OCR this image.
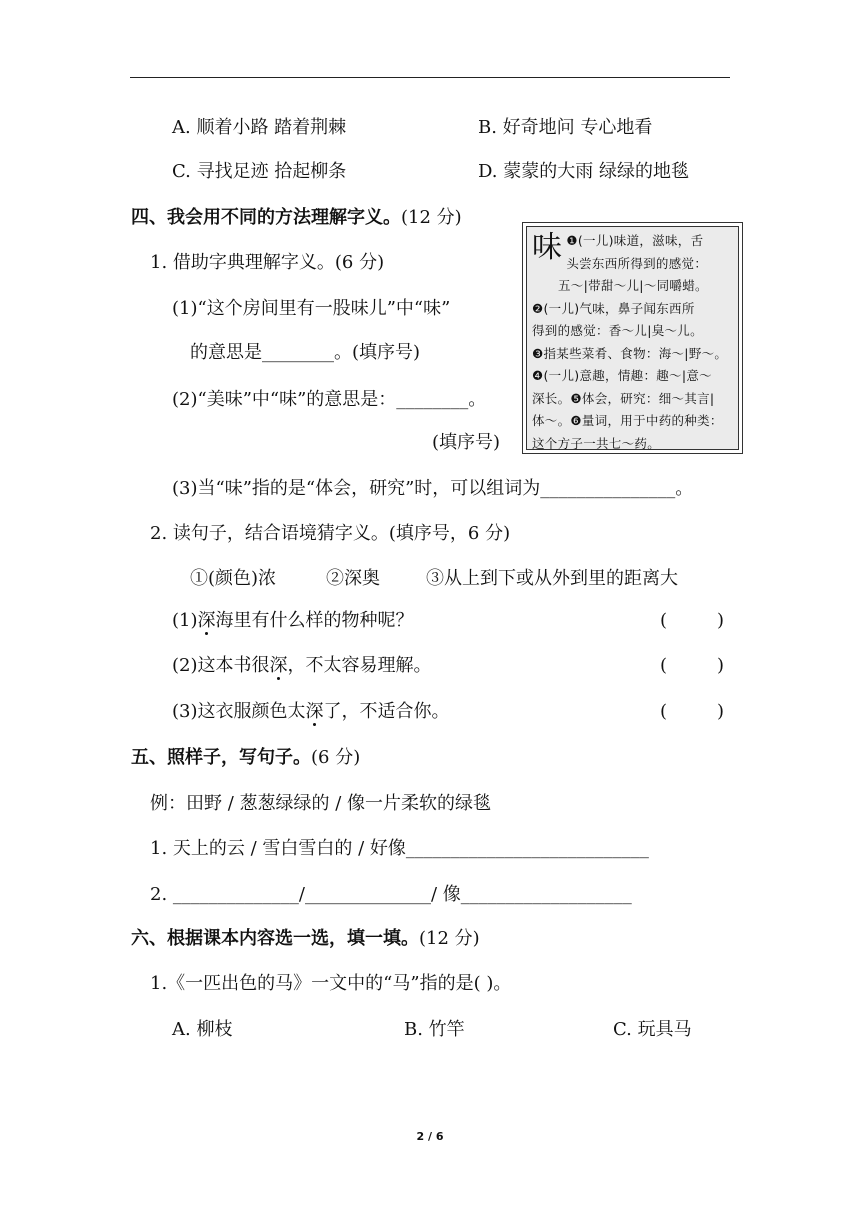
A. 顺着小路 踏着荆棘	B. 好奇地问 专心地看
C. 寻找足迹 拾起柳条	D. 蒙蒙的大雨 绿绿的地毯
四、我会用不同的方法理解字义。(12 分)
1. 借助字典理解字义。(6 分)
(1)“这个房间里有一股味儿”中“味”
的意思是________。(填序号)
(2)“美味”中“味”的意思是：________。
(填序号)
(3)当“味”指的是“体会，研究”时，可以组词为_______________。
味 ❶(一儿)味道，滋味，舌
头尝东西所得到的感觉：
五～|带甜～儿|～同嚼蜡。
❷(一儿)气味，鼻子闻东西所
得到的感觉：香～儿|臭～儿。
❸指某些菜肴、食物：海～|野～。
❹(一儿)意趣，情趣：趣～|意～
深长。❺体会，研究：细～其言|
体～。❻量词，用于中药的种类：
这个方子一共七～药。
2. 读句子，结合语境猜字义。(填序号，6 分)
①(颜色)浓	②深奥	③从上到下或从外到里的距离大
(1)深海里有什么样的物种呢？	(	)
(2)这本书很深，不太容易理解。	(	)
(3)这衣服颜色太深了，不适合你。	(	)
五、照样子，写句子。(6 分)
例：田野 / 葱葱绿绿的 / 像一片柔软的绿毯
1. 天上的云 / 雪白雪白的 / 好像___________________________
2. ______________/______________/ 像___________________
六、根据课本内容选一选，填一填。(12 分)
1.《一匹出色的马》一文中的“马”指的是( )。
A. 柳枝	B. 竹竿	C. 玩具马
2 / 6
